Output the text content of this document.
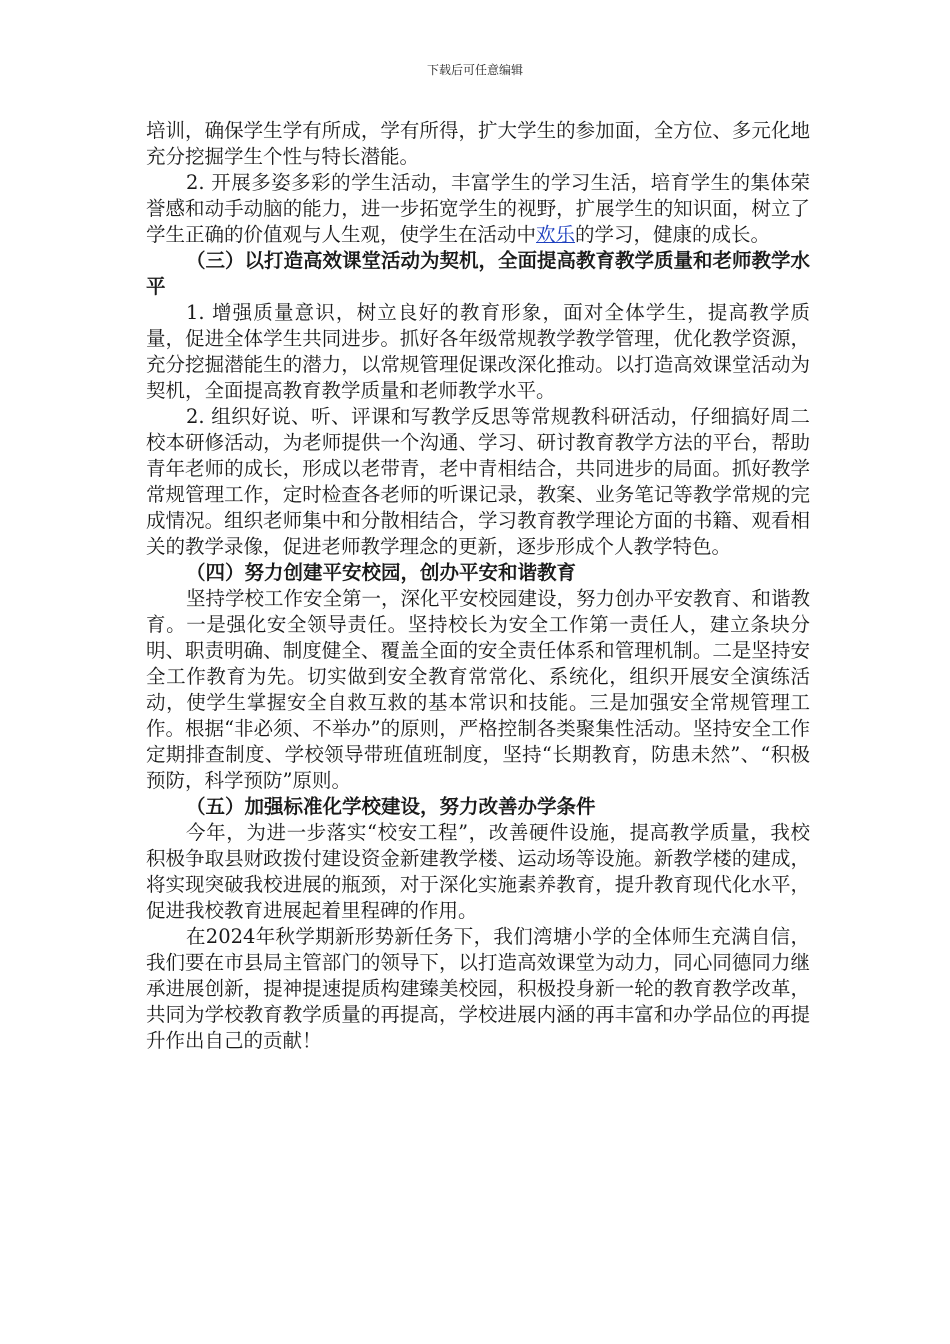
下载后可任意编辑

培训，确保学生学有所成，学有所得，扩大学生的参加面，全方位、多元化地充分挖掘学生个性与特长潜能。

2. 开展多姿多彩的学生活动，丰富学生的学习生活，培育学生的集体荣誉感和动手动脑的能力，进一步拓宽学生的视野，扩展学生的知识面，树立了学生正确的价值观与人生观，使学生在活动中欢乐的学习，健康的成长。

（三）以打造高效课堂活动为契机，全面提高教育教学质量和老师教学水平

1. 增强质量意识，树立良好的教育形象，面对全体学生，提高教学质量，促进全体学生共同进步。抓好各年级常规教学教学管理，优化教学资源，充分挖掘潜能生的潜力，以常规管理促课改深化推动。以打造高效课堂活动为契机，全面提高教育教学质量和老师教学水平。

2. 组织好说、听、评课和写教学反思等常规教科研活动，仔细搞好周二校本研修活动，为老师提供一个沟通、学习、研讨教育教学方法的平台，帮助青年老师的成长，形成以老带青，老中青相结合，共同进步的局面。抓好教学常规管理工作，定时检查各老师的听课记录，教案、业务笔记等教学常规的完成情况。组织老师集中和分散相结合，学习教育教学理论方面的书籍、观看相关的教学录像，促进老师教学理念的更新，逐步形成个人教学特色。

（四）努力创建平安校园，创办平安和谐教育

坚持学校工作安全第一，深化平安校园建设，努力创办平安教育、和谐教育。一是强化安全领导责任。坚持校长为安全工作第一责任人，建立条块分明、职责明确、制度健全、覆盖全面的安全责任体系和管理机制。二是坚持安全工作教育为先。切实做到安全教育常常化、系统化，组织开展安全演练活动，使学生掌握安全自救互救的基本常识和技能。三是加强安全常规管理工作。根据“非必须、不举办”的原则，严格控制各类聚集性活动。坚持安全工作定期排查制度、学校领导带班值班制度，坚持“长期教育，防患未然”、“积极预防，科学预防”原则。

（五）加强标准化学校建设，努力改善办学条件

今年，为进一步落实“校安工程”，改善硬件设施，提高教学质量，我校积极争取县财政拨付建设资金新建教学楼、运动场等设施。新教学楼的建成，将实现突破我校进展的瓶颈，对于深化实施素养教育，提升教育现代化水平，促进我校教育进展起着里程碑的作用。

在2024年秋学期新形势新任务下，我们湾塘小学的全体师生充满自信，我们要在市县局主管部门的领导下，以打造高效课堂为动力，同心同德同力继承进展创新，提神提速提质构建臻美校园，积极投身新一轮的教育教学改革，共同为学校教育教学质量的再提高，学校进展内涵的再丰富和办学品位的再提升作出自己的贡献！
